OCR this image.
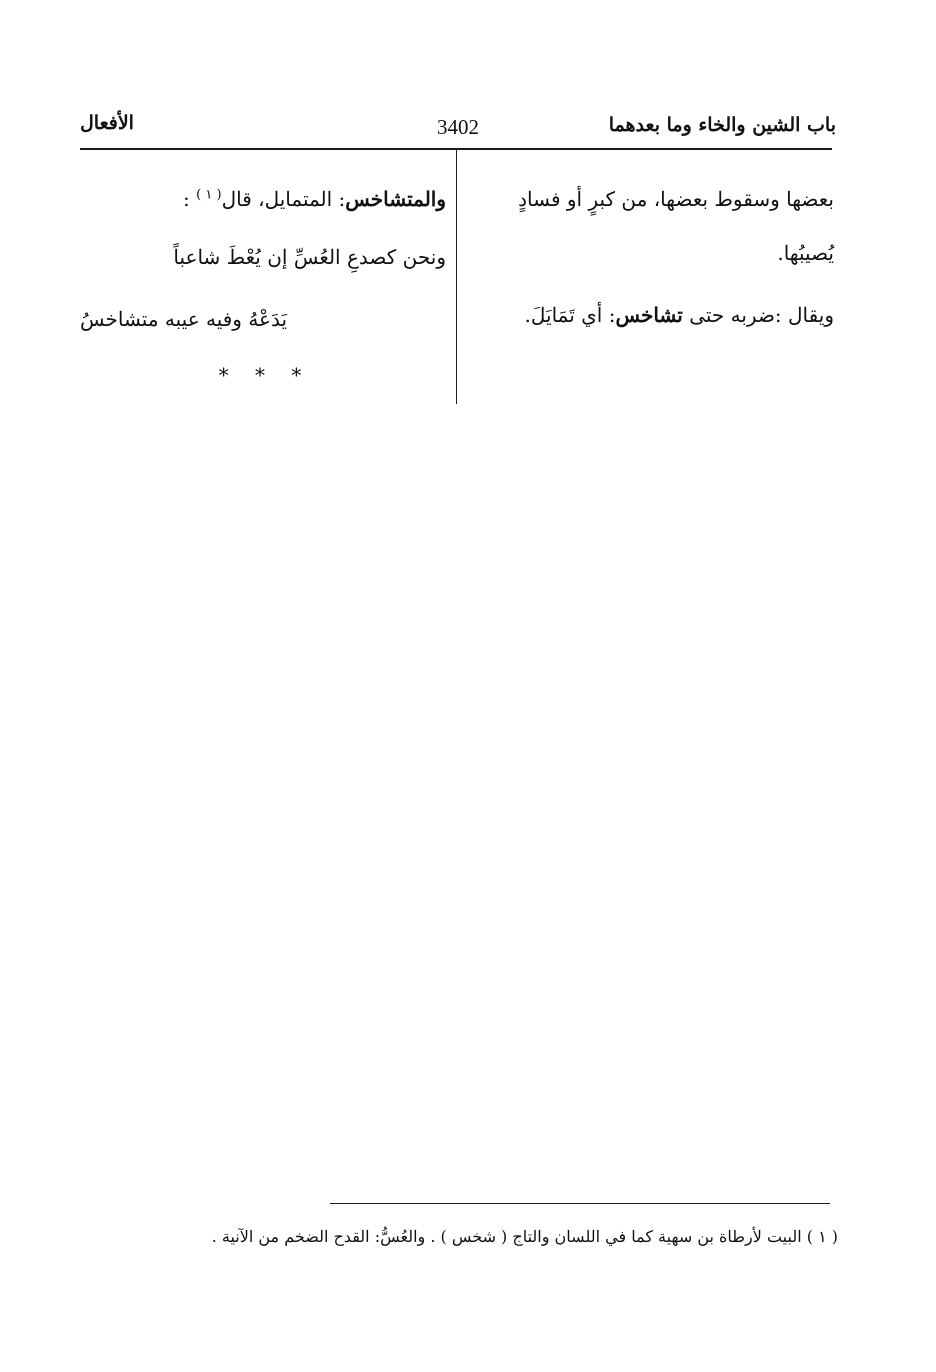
باب الشين والخاء وما بعدهما
3402
الأفعال

بعضها وسقوط بعضها، من كبرٍ أو فسادٍ يُصيبُها.

ويقال :ضربه حتى تشاخس: أي تَمَايَلَ.

والمتشاخس: المتمايل، قال$^{( ١ )}$ :

ونحن كصدعِ العُسِّ إن يُعْطَ شاعباً

يَدَعْهُ وفيه عيبه متشاخسُ

* * *
( ١ ) البيت لأرطاة بن سهية كما في اللسان والتاج ( شخس ) . والعُسُّ: القدح الضخم من الآنية .
